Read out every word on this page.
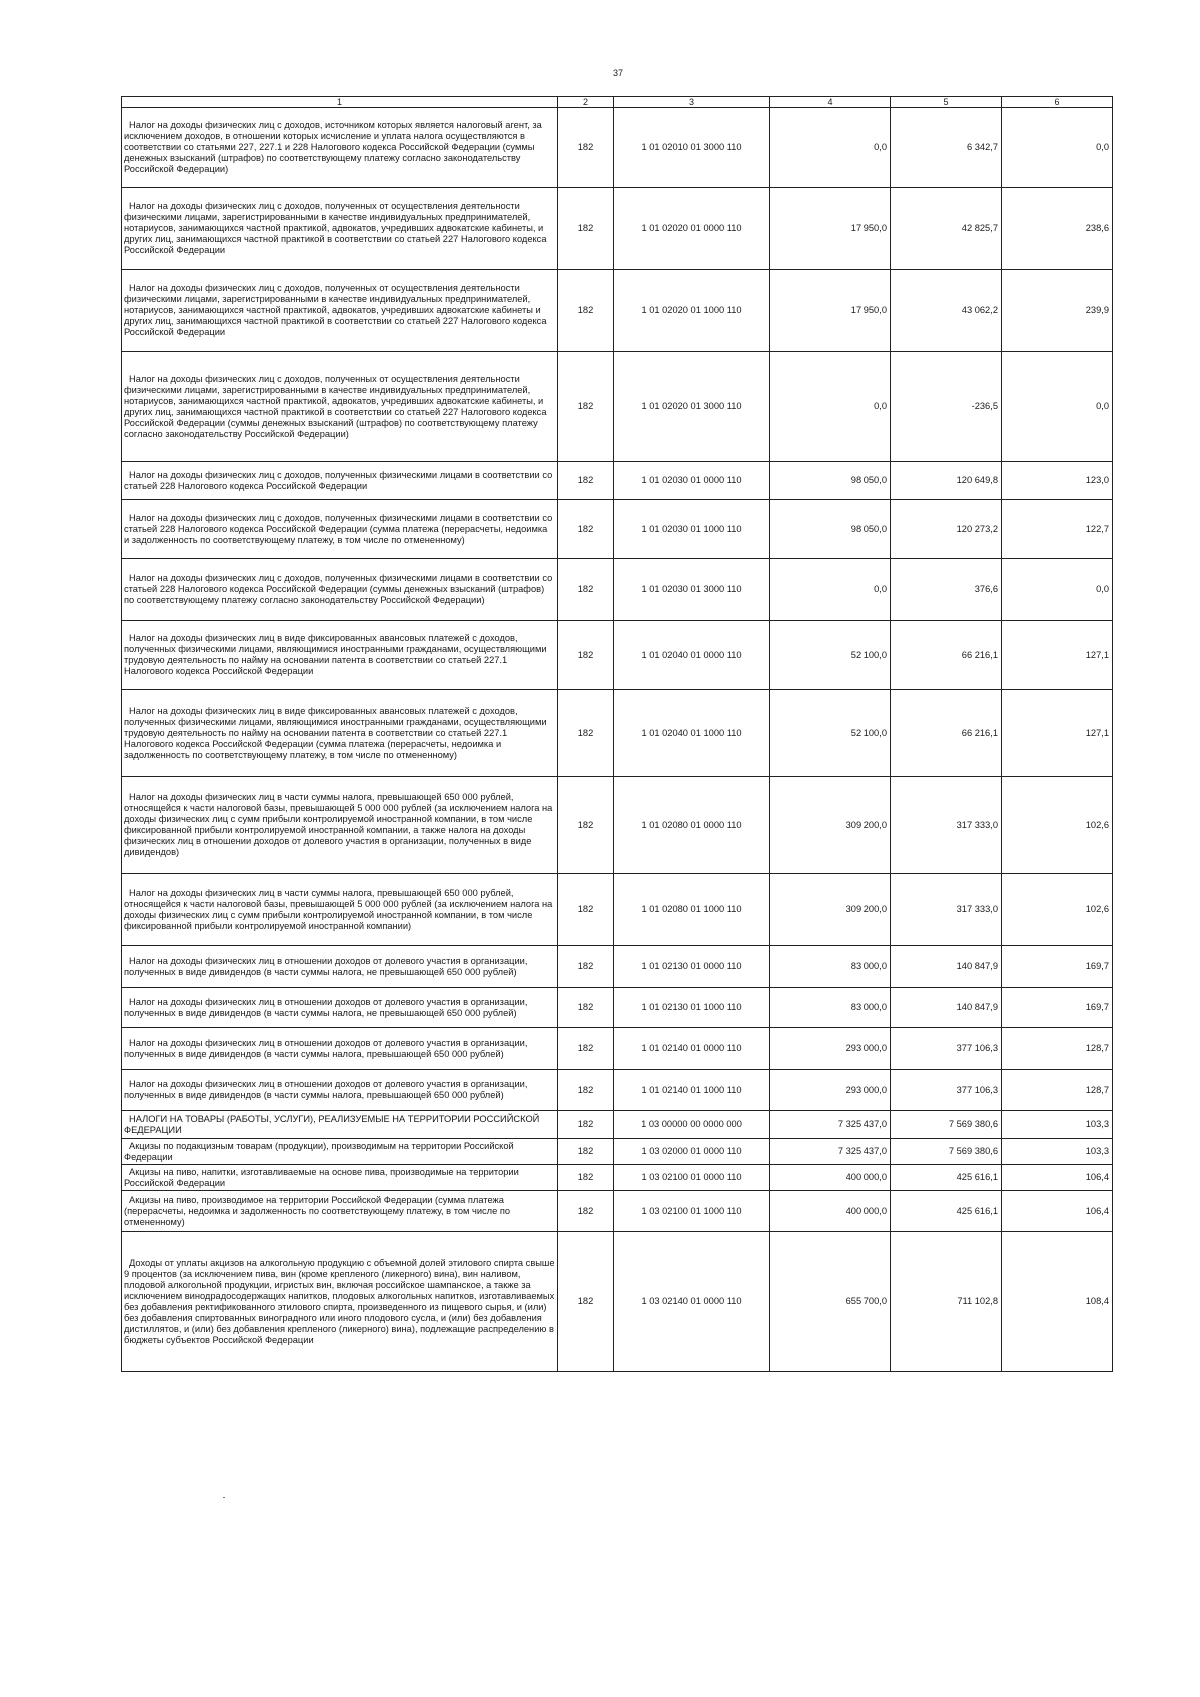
37
1	2	3	4	5	6

Налог на доходы физических лиц с доходов, источником которых является налоговый агент, за исключением доходов, в отношении которых исчисление и уплата налога осуществляются в соответствии со статьями 227, 227.1 и 228 Налогового кодекса Российской Федерации (суммы денежных взысканий (штрафов) по соответствующему платежу согласно законодательству Российской Федерации)	182	1 01 02010 01 3000 110	0,0	6 342,7	0,0

Налог на доходы физических лиц с доходов, полученных от осуществления деятельности физическими лицами, зарегистрированными в качестве индивидуальных предпринимателей, нотариусов, занимающихся частной практикой, адвокатов, учредивших адвокатские кабинеты, и других лиц, занимающихся частной практикой в соответствии со статьей 227 Налогового кодекса Российской Федерации	182	1 01 02020 01 0000 110	17 950,0	42 825,7	238,6

Налог на доходы физических лиц с доходов, полученных от осуществления деятельности физическими лицами, зарегистрированными в качестве индивидуальных предпринимателей, нотариусов, занимающихся частной практикой, адвокатов, учредивших адвокатские кабинеты и других лиц, занимающихся частной практикой в соответствии со статьей 227 Налогового кодекса Российской Федерации	182	1 01 02020 01 1000 110	17 950,0	43 062,2	239,9

Налог на доходы физических лиц с доходов, полученных от осуществления деятельности физическими лицами, зарегистрированными в качестве индивидуальных предпринимателей, нотариусов, занимающихся частной практикой, адвокатов, учредивших адвокатские кабинеты, и других лиц, занимающихся частной практикой в соответствии со статьей 227 Налогового кодекса Российской Федерации (суммы денежных взысканий (штрафов) по соответствующему платежу согласно законодательству Российской Федерации)	182	1 01 02020 01 3000 110	0,0	-236,5	0,0

Налог на доходы физических лиц с доходов, полученных физическими лицами в соответствии со статьей 228 Налогового кодекса Российской Федерации	182	1 01 02030 01 0000 110	98 050,0	120 649,8	123,0

Налог на доходы физических лиц с доходов, полученных физическими лицами в соответствии со статьей 228 Налогового кодекса Российской Федерации (сумма платежа (перерасчеты, недоимка и задолженность по соответствующему платежу, в том числе по отмененному)	182	1 01 02030 01 1000 110	98 050,0	120 273,2	122,7

Налог на доходы физических лиц с доходов, полученных физическими лицами в соответствии со статьей 228 Налогового кодекса Российской Федерации (суммы денежных взысканий (штрафов) по соответствующему платежу согласно законодательству Российской Федерации)	182	1 01 02030 01 3000 110	0,0	376,6	0,0

Налог на доходы физических лиц в виде фиксированных авансовых платежей с доходов, полученных физическими лицами, являющимися иностранными гражданами, осуществляющими трудовую деятельность по найму на основании патента в соответствии со статьей 227.1 Налогового кодекса Российской Федерации	182	1 01 02040 01 0000 110	52 100,0	66 216,1	127,1

Налог на доходы физических лиц в виде фиксированных авансовых платежей с доходов, полученных физическими лицами, являющимися иностранными гражданами, осуществляющими трудовую деятельность по найму на основании патента в соответствии со статьей 227.1 Налогового кодекса Российской Федерации (сумма платежа (перерасчеты, недоимка и задолженность по соответствующему платежу, в том числе по отмененному)	182	1 01 02040 01 1000 110	52 100,0	66 216,1	127,1

Налог на доходы физических лиц в части суммы налога, превышающей 650 000 рублей, относящейся к части налоговой базы, превышающей 5 000 000 рублей (за исключением налога на доходы физических лиц с сумм прибыли контролируемой иностранной компании, в том числе фиксированной прибыли контролируемой иностранной компании, а также налога на доходы физических лиц в отношении доходов от долевого участия в организации, полученных в виде дивидендов)	182	1 01 02080 01 0000 110	309 200,0	317 333,0	102,6

Налог на доходы физических лиц в части суммы налога, превышающей 650 000 рублей, относящейся к части налоговой базы, превышающей 5 000 000 рублей (за исключением налога на доходы физических лиц с сумм прибыли контролируемой иностранной компании, в том числе фиксированной прибыли контролируемой иностранной компании)	182	1 01 02080 01 1000 110	309 200,0	317 333,0	102,6

Налог на доходы физических лиц в отношении доходов от долевого участия в организации, полученных в виде дивидендов (в части суммы налога, не превышающей 650 000 рублей)	182	1 01 02130 01 0000 110	83 000,0	140 847,9	169,7

Налог на доходы физических лиц в отношении доходов от долевого участия в организации, полученных в виде дивидендов (в части суммы налога, не превышающей 650 000 рублей)	182	1 01 02130 01 1000 110	83 000,0	140 847,9	169,7

Налог на доходы физических лиц в отношении доходов от долевого участия в организации, полученных в виде дивидендов (в части суммы налога, превышающей 650 000 рублей)	182	1 01 02140 01 0000 110	293 000,0	377 106,3	128,7

Налог на доходы физических лиц в отношении доходов от долевого участия в организации, полученных в виде дивидендов (в части суммы налога, превышающей 650 000 рублей)	182	1 01 02140 01 1000 110	293 000,0	377 106,3	128,7

НАЛОГИ НА ТОВАРЫ (РАБОТЫ, УСЛУГИ), РЕАЛИЗУЕМЫЕ НА ТЕРРИТОРИИ РОССИЙСКОЙ ФЕДЕРАЦИИ	182	1 03 00000 00 0000 000	7 325 437,0	7 569 380,6	103,3

Акцизы по подакцизным товарам (продукции), производимым на территории Российской Федерации	182	1 03 02000 01 0000 110	7 325 437,0	7 569 380,6	103,3

Акцизы на пиво, напитки, изготавливаемые на основе пива, производимые на территории Российской Федерации	182	1 03 02100 01 0000 110	400 000,0	425 616,1	106,4

Акцизы на пиво, производимое на территории Российской Федерации (сумма платежа (перерасчеты, недоимка и задолженность по соответствующему платежу, в том числе по отмененному)	182	1 03 02100 01 1000 110	400 000,0	425 616,1	106,4

Доходы от уплаты акцизов на алкогольную продукцию с объемной долей этилового спирта свыше 9 процентов (за исключением пива, вин (кроме крепленого (ликерного) вина), вин наливом, плодовой алкогольной продукции, игристых вин, включая российское шампанское, а также за исключением винодрадосодержащих напитков, плодовых алкогольных напитков, изготавливаемых без добавления ректификованного этилового спирта, произведенного из пищевого сырья, и (или) без добавления спиртованных виноградного или иного плодового сусла, и (или) без добавления дистиллятов, и (или) без добавления крепленого (ликерного) вина), подлежащие распределению в бюджеты субъектов Российской Федерации	182	1 03 02140 01 0000 110	655 700,0	711 102,8	108,4
